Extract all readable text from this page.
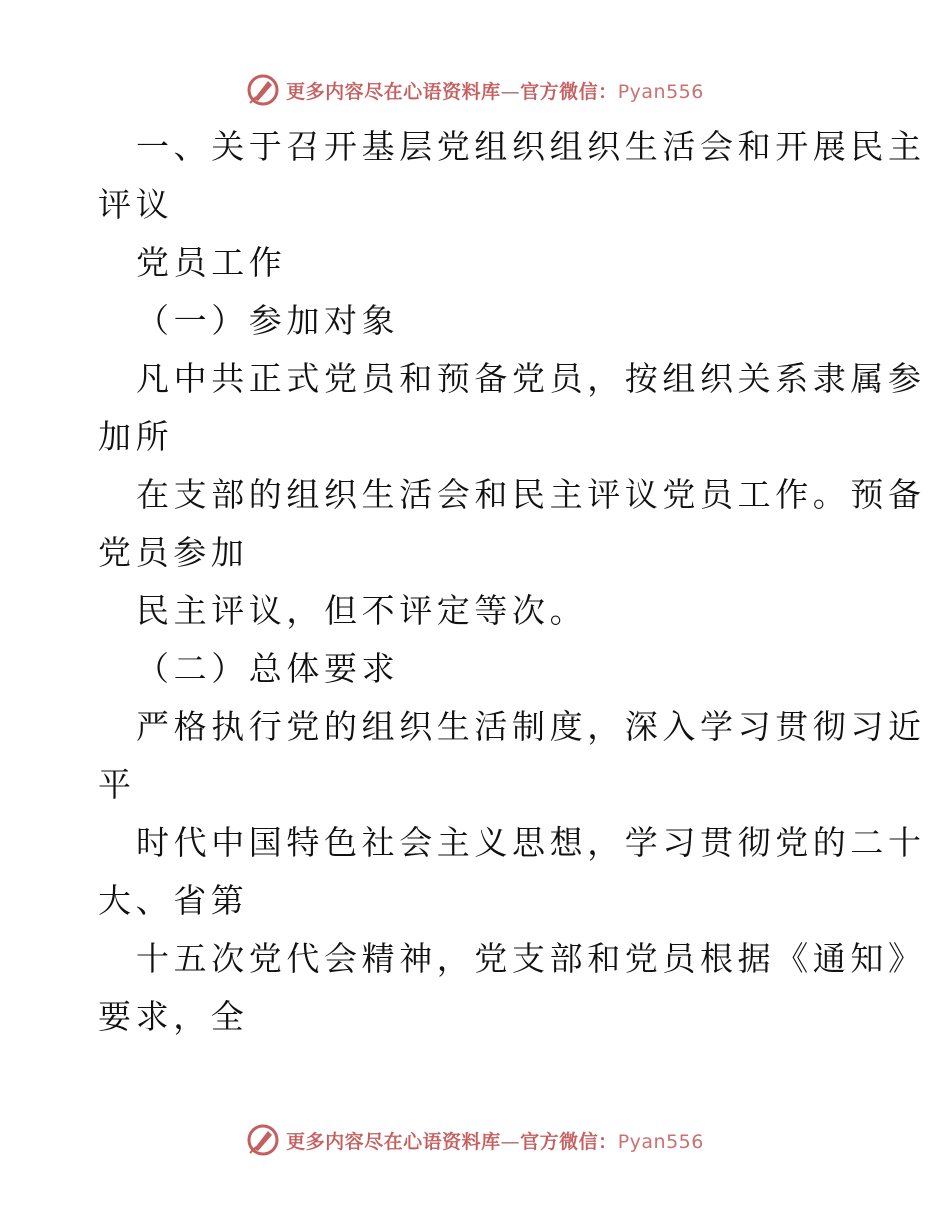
更多内容尽在心语资料库—官方微信：Pyan556
一、关于召开基层党组织组织生活会和开展民主
评议
党员工作
（一）参加对象
凡中共正式党员和预备党员，按组织关系隶属参
加所
在支部的组织生活会和民主评议党员工作。预备
党员参加
民主评议，但不评定等次。
（二）总体要求
严格执行党的组织生活制度，深入学习贯彻习近
平
时代中国特色社会主义思想，学习贯彻党的二十
大、省第
十五次党代会精神，党支部和党员根据《通知》
要求，全
更多内容尽在心语资料库—官方微信：Pyan556
